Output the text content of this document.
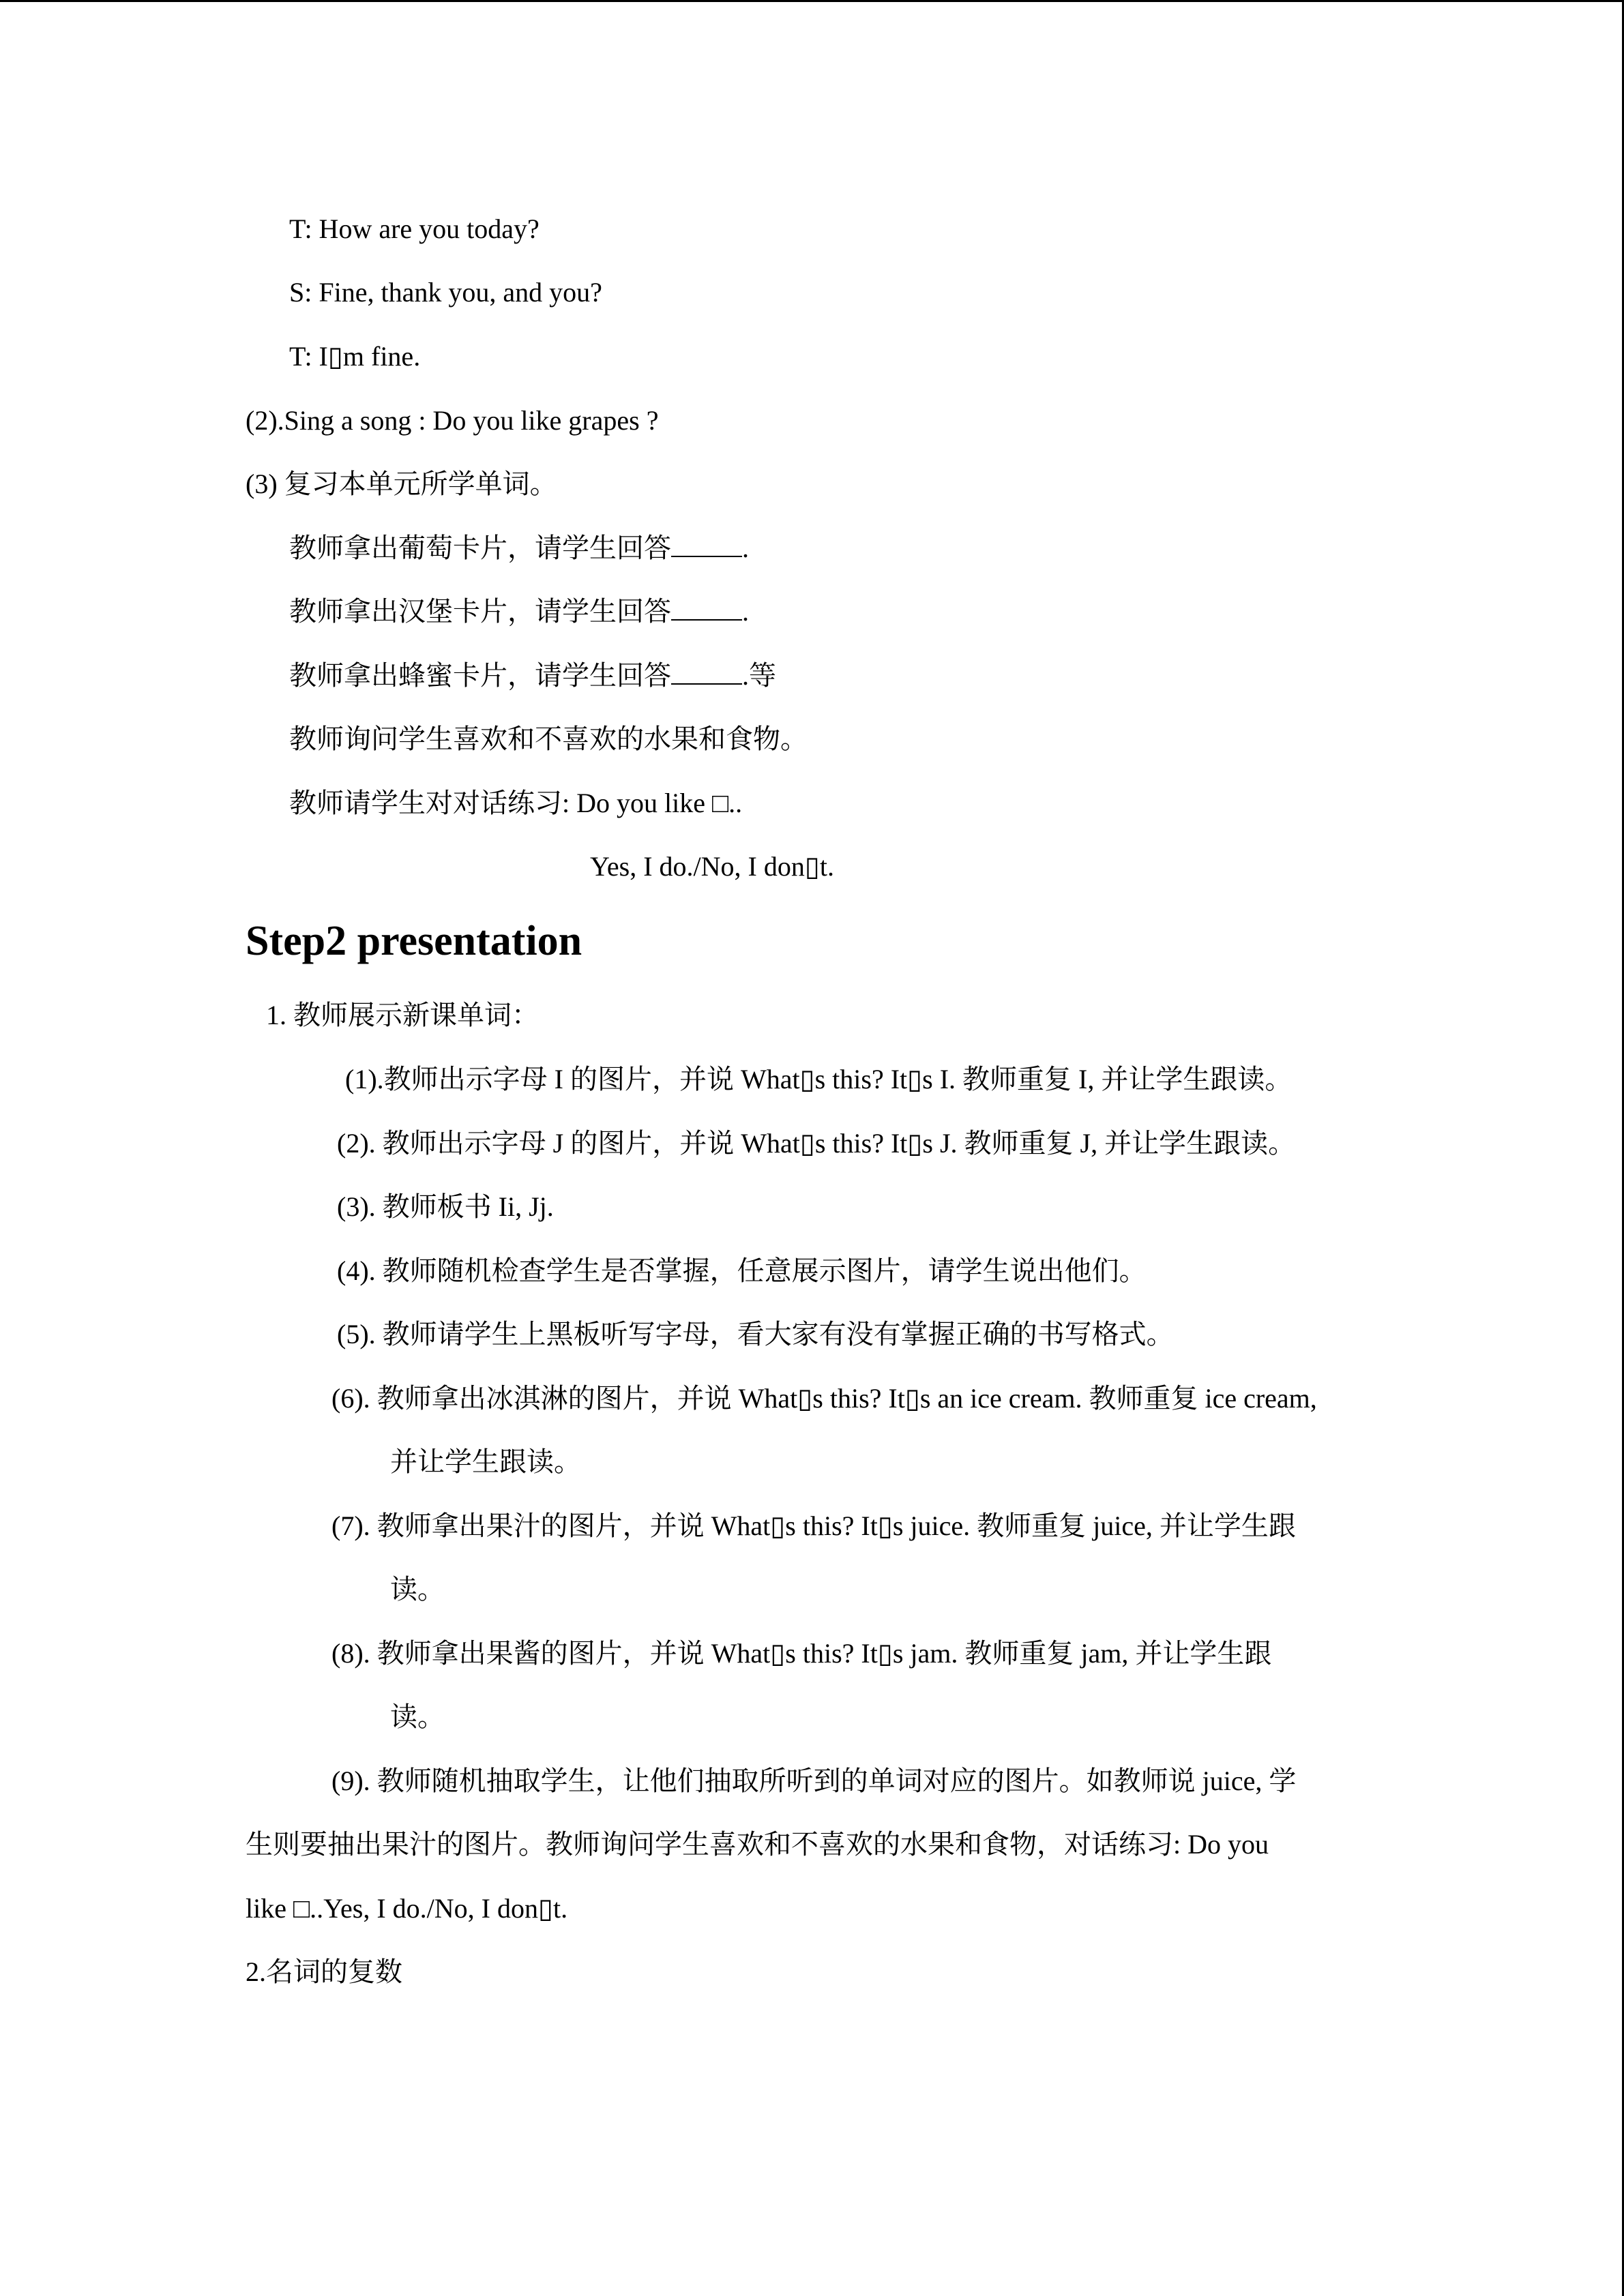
T: How are you today?
S: Fine, thank you, and you?
T: I▯m fine.
(2).Sing a song : Do you like grapes ?
(3) 复习本单元所学单词。
教师拿出葡萄卡片，请学生回答	.
教师拿出汉堡卡片，请学生回答	.
教师拿出蜂蜜卡片，请学生回答	.等
教师询问学生喜欢和不喜欢的水果和食物。
教师请学生对对话练习: Do you like □..
Yes, I do./No, I don▯t.
Step2 presentation
1. 教师展示新课单词：
(1).教师出示字母 I 的图片，并说 What▯s this? It▯s I. 教师重复 I, 并让学生跟读。
(2). 教师出示字母 J 的图片，并说 What▯s this? It▯s J. 教师重复 J, 并让学生跟读。
(3). 教师板书 Ii, Jj.
(4). 教师随机检查学生是否掌握，任意展示图片，请学生说出他们。
(5). 教师请学生上黑板听写字母，看大家有没有掌握正确的书写格式。
(6). 教师拿出冰淇淋的图片，并说 What▯s this? It▯s an ice cream. 教师重复 ice cream,
并让学生跟读。
(7). 教师拿出果汁的图片，并说 What▯s this? It▯s juice. 教师重复 juice, 并让学生跟
读。
(8). 教师拿出果酱的图片，并说 What▯s this? It▯s jam. 教师重复 jam, 并让学生跟
读。
(9). 教师随机抽取学生，让他们抽取所听到的单词对应的图片。如教师说 juice, 学
生则要抽出果汁的图片。教师询问学生喜欢和不喜欢的水果和食物，对话练习: Do you
like □..Yes, I do./No, I don▯t.
2.名词的复数
